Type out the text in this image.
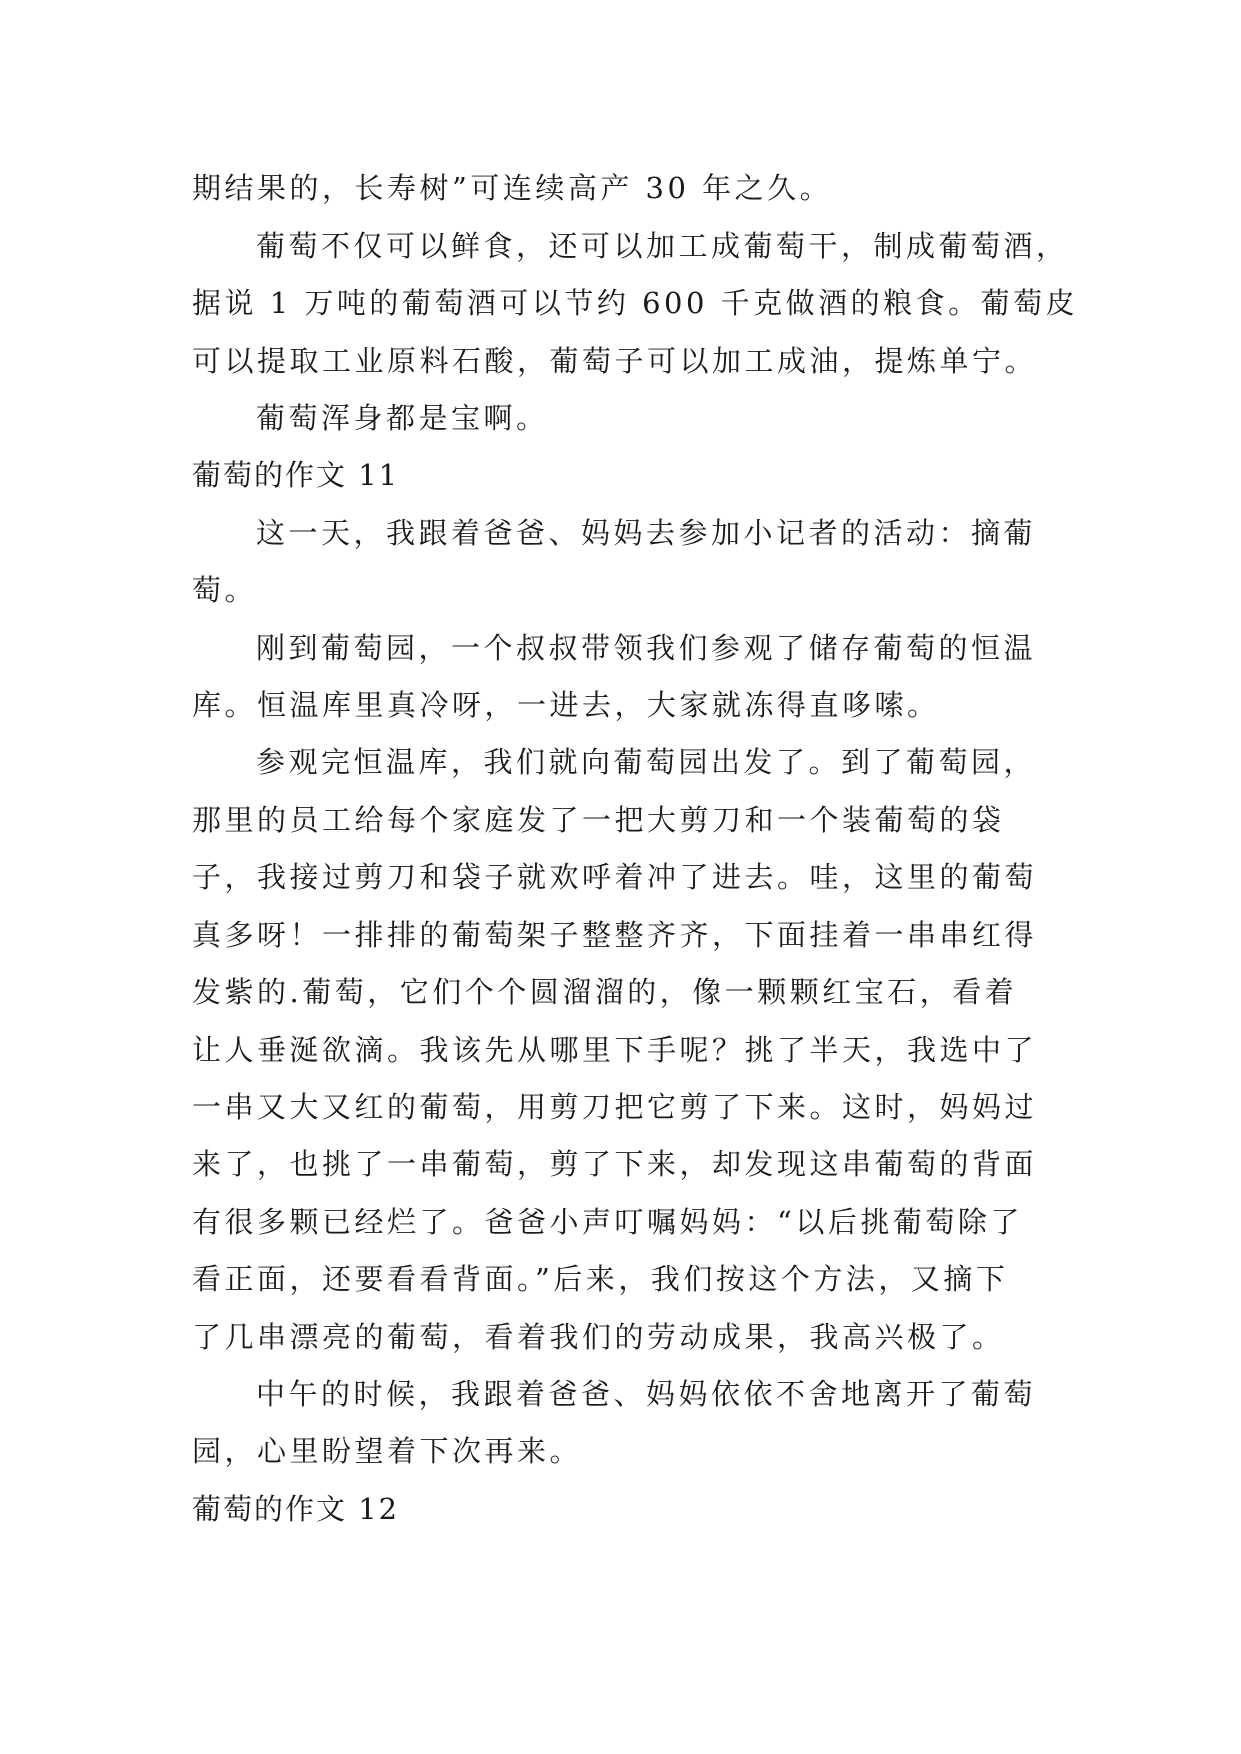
期结果的，长寿树”可连续高产 30 年之久。
葡萄不仅可以鲜食，还可以加工成葡萄干，制成葡萄酒，
据说 1 万吨的葡萄酒可以节约 600 千克做酒的粮食。葡萄皮
可以提取工业原料石酸，葡萄子可以加工成油，提炼单宁。
葡萄浑身都是宝啊。
葡萄的作文 11
这一天，我跟着爸爸、妈妈去参加小记者的活动：摘葡
萄。
刚到葡萄园，一个叔叔带领我们参观了储存葡萄的恒温
库。恒温库里真冷呀，一进去，大家就冻得直哆嗦。
参观完恒温库，我们就向葡萄园出发了。到了葡萄园，
那里的员工给每个家庭发了一把大剪刀和一个装葡萄的袋
子，我接过剪刀和袋子就欢呼着冲了进去。哇，这里的葡萄
真多呀！一排排的葡萄架子整整齐齐，下面挂着一串串红得
发紫的.葡萄，它们个个圆溜溜的，像一颗颗红宝石，看着
让人垂涎欲滴。我该先从哪里下手呢？挑了半天，我选中了
一串又大又红的葡萄，用剪刀把它剪了下来。这时，妈妈过
来了，也挑了一串葡萄，剪了下来，却发现这串葡萄的背面
有很多颗已经烂了。爸爸小声叮嘱妈妈：“以后挑葡萄除了
看正面，还要看看背面。”后来，我们按这个方法，又摘下
了几串漂亮的葡萄，看着我们的劳动成果，我高兴极了。
中午的时候，我跟着爸爸、妈妈依依不舍地离开了葡萄
园，心里盼望着下次再来。
葡萄的作文 12
